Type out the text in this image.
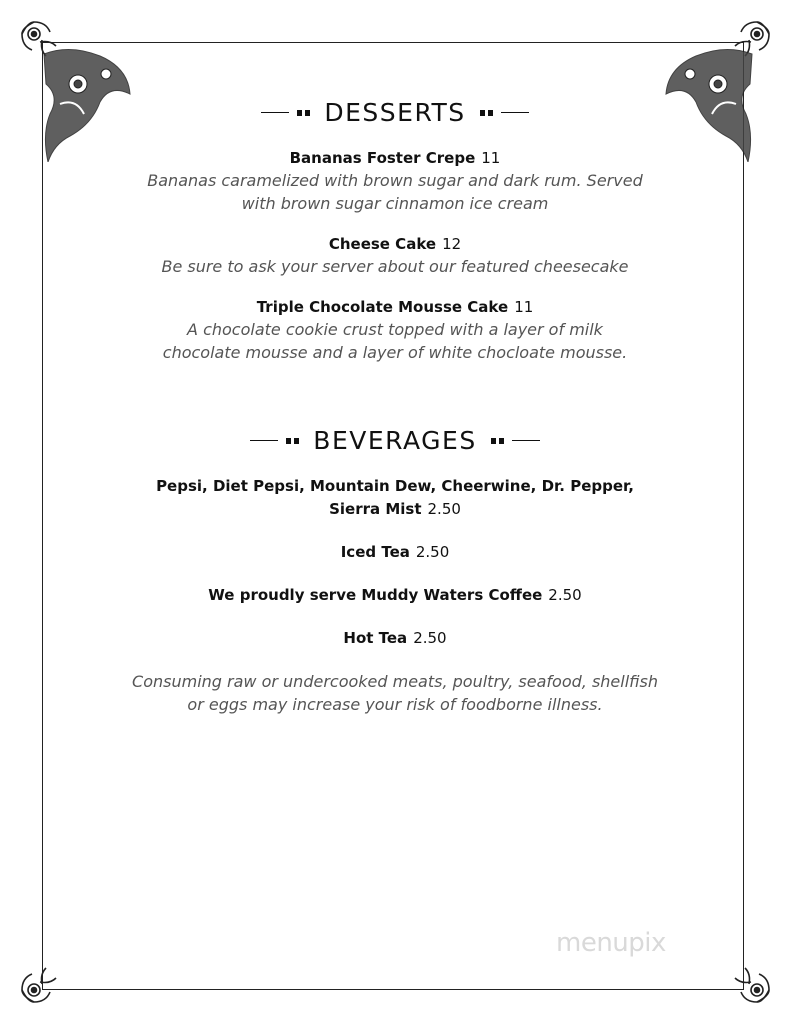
DESSERTS
Bananas Foster Crepe 11
Bananas caramelized with brown sugar and dark rum. Served with brown sugar cinnamon ice cream
Cheese Cake 12
Be sure to ask your server about our featured cheesecake
Triple Chocolate Mousse Cake 11
A chocolate cookie crust topped with a layer of milk chocolate mousse and a layer of white chocloate mousse.
BEVERAGES
Pepsi, Diet Pepsi, Mountain Dew, Cheerwine, Dr. Pepper, Sierra Mist 2.50
Iced Tea 2.50
We proudly serve Muddy Waters Coffee 2.50
Hot Tea 2.50
Consuming raw or undercooked meats, poultry, seafood, shellfish or eggs may increase your risk of foodborne illness.
menupix
